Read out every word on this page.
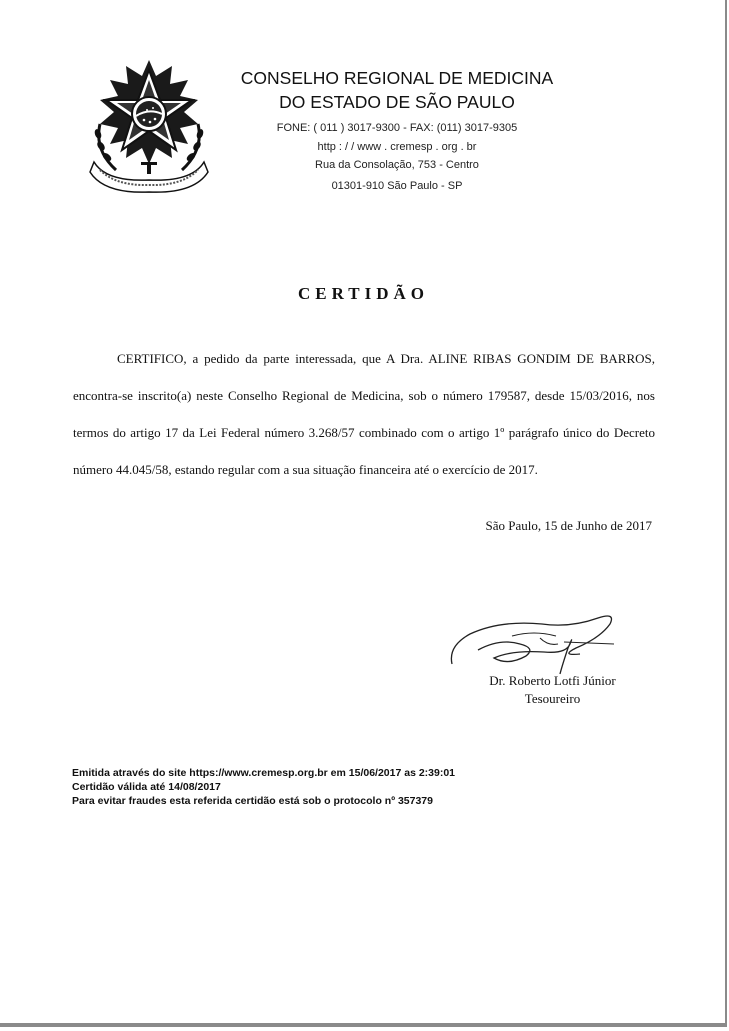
CONSELHO REGIONAL DE MEDICINA
DO ESTADO DE SÃO PAULO
FONE: ( 011 ) 3017-9300 - FAX: (011) 3017-9305
http : / / www . cremesp . org . br
Rua da Consolação, 753 - Centro
01301-910 São Paulo - SP
CERTIDÃO

CERTIFICO, a pedido da parte interessada, que A Dra. ALINE RIBAS GONDIM DE BARROS, encontra-se inscrito(a) neste Conselho Regional de Medicina, sob o número 179587, desde 15/03/2016, nos termos do artigo 17 da Lei Federal número 3.268/57 combinado com o artigo 1º parágrafo único do Decreto número 44.045/58, estando regular com a sua situação financeira até o exercício de 2017.

São Paulo, 15 de Junho de 2017
Dr. Roberto Lotfi Júnior
Tesoureiro
Emitida através do site https://www.cremesp.org.br em 15/06/2017 as 2:39:01
Certidão válida até 14/08/2017
Para evitar fraudes esta referida certidão está sob o protocolo nº 357379
